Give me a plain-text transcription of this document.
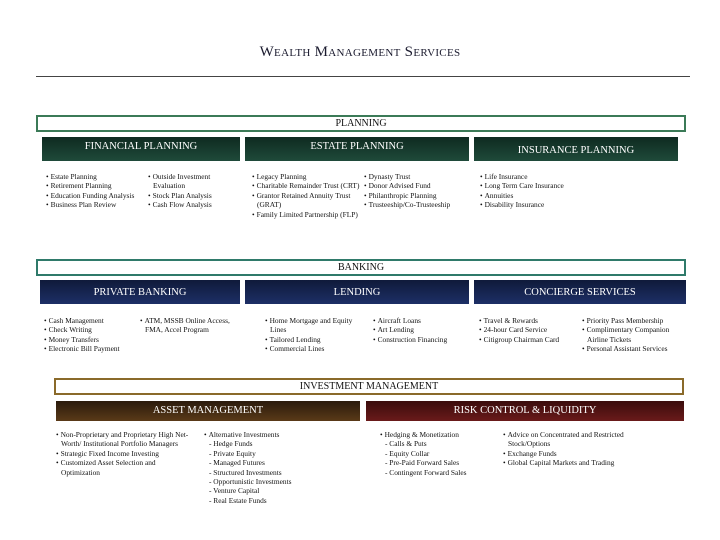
Wealth Management Services
PLANNING
FINANCIAL PLANNING	ESTATE PLANNING	INSURANCE PLANNING
• Estate Planning
• Retirement Planning
• Education Funding Analysis
• Business Plan Review
• Outside Investment Evaluation
• Stock Plan Analysis
• Cash Flow Analysis
• Legacy Planning
• Charitable Remainder Trust (CRT)
• Grantor Retained Annuity Trust (GRAT)
• Family Limited Partnership (FLP)
• Dynasty Trust
• Donor Advised Fund
• Philanthropic Planning
• Trusteeship/Co-Trusteeship
• Life Insurance
• Long Term Care Insurance
• Annuities
• Disability Insurance
BANKING
PRIVATE BANKING	LENDING	CONCIERGE SERVICES
• Cash Management
• Check Writing
• Money Transfers
• Electronic Bill Payment
• ATM, MSSB Online Access, FMA, Accel Program
• Home Mortgage and Equity Lines
• Tailored Lending
• Commercial Lines
• Aircraft Loans
• Art Lending
• Construction Financing
• Travel & Rewards
• 24-hour Card Service
• Citigroup Chairman Card
• Priority Pass Membership
• Complimentary Companion Airline Tickets
• Personal Assistant Services
INVESTMENT MANAGEMENT
ASSET MANAGEMENT	RISK CONTROL & LIQUIDITY
• Non-Proprietary and Proprietary High Net-Worth/ Institutional Portfolio Managers
• Strategic Fixed Income Investing
• Customized Asset Selection and Optimization
• Alternative Investments
- Hedge Funds
- Private Equity
- Managed Futures
- Structured Investments
- Opportunistic Investments
- Venture Capital
- Real Estate Funds
• Hedging & Monetization
- Calls & Puts
- Equity Collar
- Pre-Paid Forward Sales
- Contingent Forward Sales
• Advice on Concentrated and Restricted Stock/Options
• Exchange Funds
• Global Capital Markets and Trading
